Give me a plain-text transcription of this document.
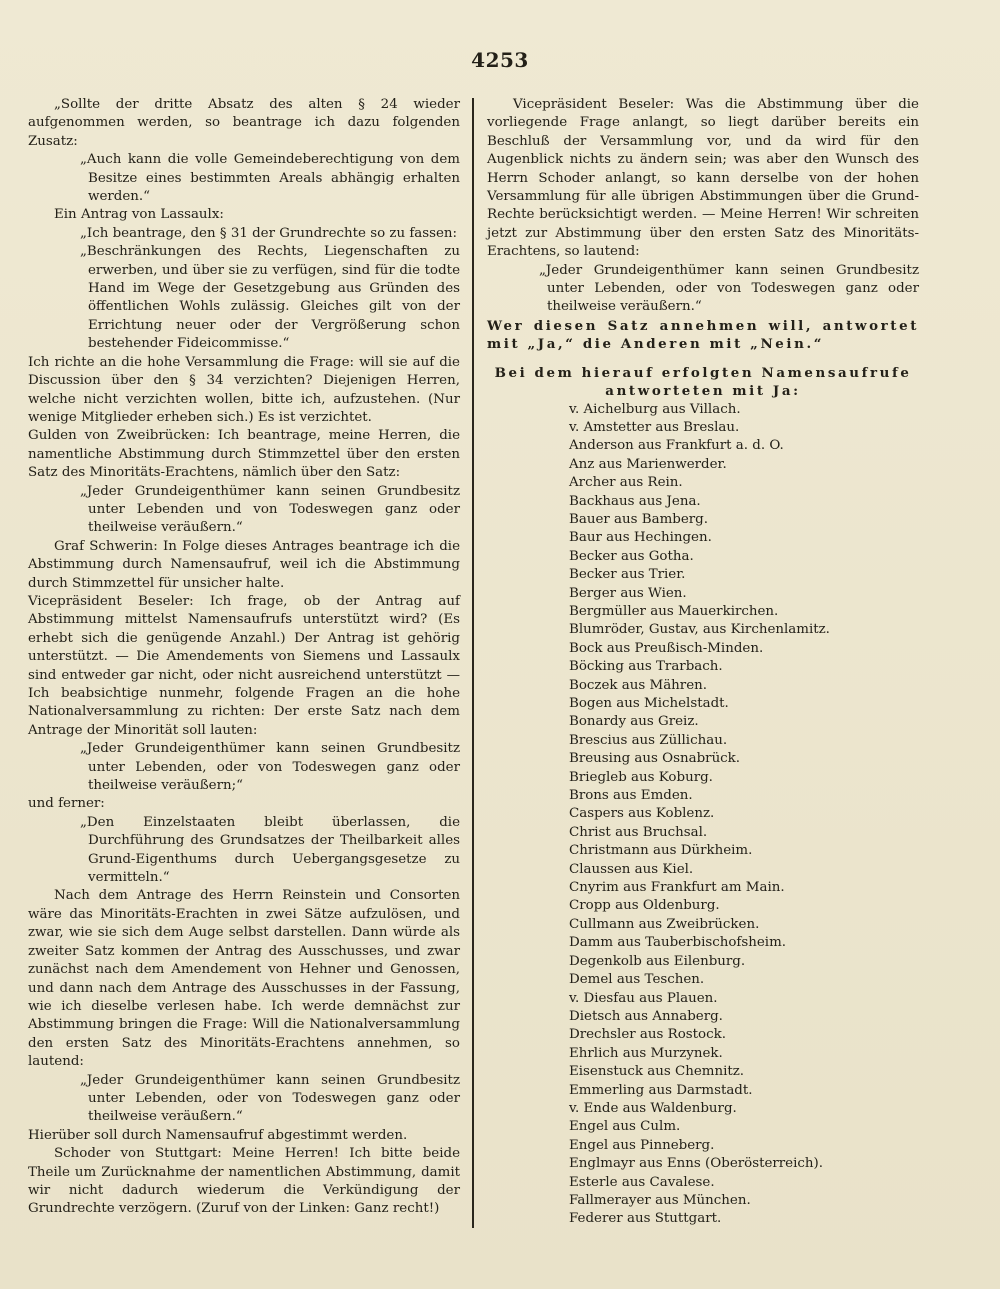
4253

„Sollte der dritte Absatz des alten § 24 wieder aufgenommen werden, so beantrage ich dazu folgenden Zusatz:

„Auch kann die volle Gemeindeberechtigung von dem Besitze eines bestimmten Areals abhängig erhalten werden.“

Ein Antrag von Lassaulx:

„Ich beantrage, den § 31 der Grundrechte so zu fassen:

„Beschränkungen des Rechts, Liegenschaften zu erwerben, und über sie zu verfügen, sind für die todte Hand im Wege der Gesetzgebung aus Gründen des öffentlichen Wohls zulässig. Gleiches gilt von der Errichtung neuer oder der Vergrößerung schon bestehender Fideicommisse.“

Ich richte an die hohe Versammlung die Frage: will sie auf die Discussion über den § 34 verzichten? Diejenigen Herren, welche nicht verzichten wollen, bitte ich, aufzustehen. (Nur wenige Mitglieder erheben sich.) Es ist verzichtet.

Gulden von Zweibrücken: Ich beantrage, meine Herren, die namentliche Abstimmung durch Stimmzettel über den ersten Satz des Minoritäts-Erachtens, nämlich über den Satz:

„Jeder Grundeigenthümer kann seinen Grundbesitz unter Lebenden und von Todeswegen ganz oder theilweise veräußern.“

Graf Schwerin: In Folge dieses Antrages beantrage ich die Abstimmung durch Namensaufruf, weil ich die Abstimmung durch Stimmzettel für unsicher halte.

Vicepräsident Beseler: Ich frage, ob der Antrag auf Abstimmung mittelst Namensaufrufs unterstützt wird? (Es erhebt sich die genügende Anzahl.) Der Antrag ist gehörig unterstützt. — Die Amendements von Siemens und Lassaulx sind entweder gar nicht, oder nicht ausreichend unterstützt — Ich beabsichtige nunmehr, folgende Fragen an die hohe Nationalversammlung zu richten: Der erste Satz nach dem Antrage der Minorität soll lauten:

„Jeder Grundeigenthümer kann seinen Grundbesitz unter Lebenden, oder von Todeswegen ganz oder theilweise veräußern;“

und ferner:

„Den Einzelstaaten bleibt überlassen, die Durchführung des Grundsatzes der Theilbarkeit alles Grund-Eigenthums durch Uebergangsgesetze zu vermitteln.“

Nach dem Antrage des Herrn Reinstein und Consorten wäre das Minoritäts-Erachten in zwei Sätze aufzulösen, und zwar, wie sie sich dem Auge selbst darstellen. Dann würde als zweiter Satz kommen der Antrag des Ausschusses, und zwar zunächst nach dem Amendement von Hehner und Genossen, und dann nach dem Antrage des Ausschusses in der Fassung, wie ich dieselbe verlesen habe. Ich werde demnächst zur Abstimmung bringen die Frage: Will die Nationalversammlung den ersten Satz des Minoritäts-Erachtens annehmen, so lautend:

„Jeder Grundeigenthümer kann seinen Grundbesitz unter Lebenden, oder von Todeswegen ganz oder theilweise veräußern.“

Hierüber soll durch Namensaufruf abgestimmt werden.

Schoder von Stuttgart: Meine Herren! Ich bitte beide Theile um Zurücknahme der namentlichen Abstimmung, damit wir nicht dadurch wiederum die Verkündigung der Grundrechte verzögern. (Zuruf von der Linken: Ganz recht!)

Vicepräsident Beseler: Was die Abstimmung über die vorliegende Frage anlangt, so liegt darüber bereits ein Beschluß der Versammlung vor, und da wird für den Augenblick nichts zu ändern sein; was aber den Wunsch des Herrn Schoder anlangt, so kann derselbe von der hohen Versammlung für alle übrigen Abstimmungen über die Grund-Rechte berücksichtigt werden. — Meine Herren! Wir schreiten jetzt zur Abstimmung über den ersten Satz des Minoritäts-Erachtens, so lautend:

„Jeder Grundeigenthümer kann seinen Grundbesitz unter Lebenden, oder von Todeswegen ganz oder theilweise veräußern.“

Wer diesen Satz annehmen will, antwortet mit „Ja,“ die Anderen mit „Nein.“

Bei dem hierauf erfolgten Namensaufrufe antworteten mit Ja:

v. Aichelburg aus Villach.

v. Amstetter aus Breslau.

Anderson aus Frankfurt a. d. O.

Anz aus Marienwerder.

Archer aus Rein.

Backhaus aus Jena.

Bauer aus Bamberg.

Baur aus Hechingen.

Becker aus Gotha.

Becker aus Trier.

Berger aus Wien.

Bergmüller aus Mauerkirchen.

Blumröder, Gustav, aus Kirchenlamitz.

Bock aus Preußisch-Minden.

Böcking aus Trarbach.

Boczek aus Mähren.

Bogen aus Michelstadt.

Bonardy aus Greiz.

Brescius aus Züllichau.

Breusing aus Osnabrück.

Briegleb aus Koburg.

Brons aus Emden.

Caspers aus Koblenz.

Christ aus Bruchsal.

Christmann aus Dürkheim.

Claussen aus Kiel.

Cnyrim aus Frankfurt am Main.

Cropp aus Oldenburg.

Cullmann aus Zweibrücken.

Damm aus Tauberbischofsheim.

Degenkolb aus Eilenburg.

Demel aus Teschen.

v. Diesfau aus Plauen.

Dietsch aus Annaberg.

Drechsler aus Rostock.

Ehrlich aus Murzynek.

Eisenstuck aus Chemnitz.

Emmerling aus Darmstadt.

v. Ende aus Waldenburg.

Engel aus Culm.

Engel aus Pinneberg.

Englmayr aus Enns (Oberösterreich).

Esterle aus Cavalese.

Fallmerayer aus München.

Federer aus Stuttgart.
